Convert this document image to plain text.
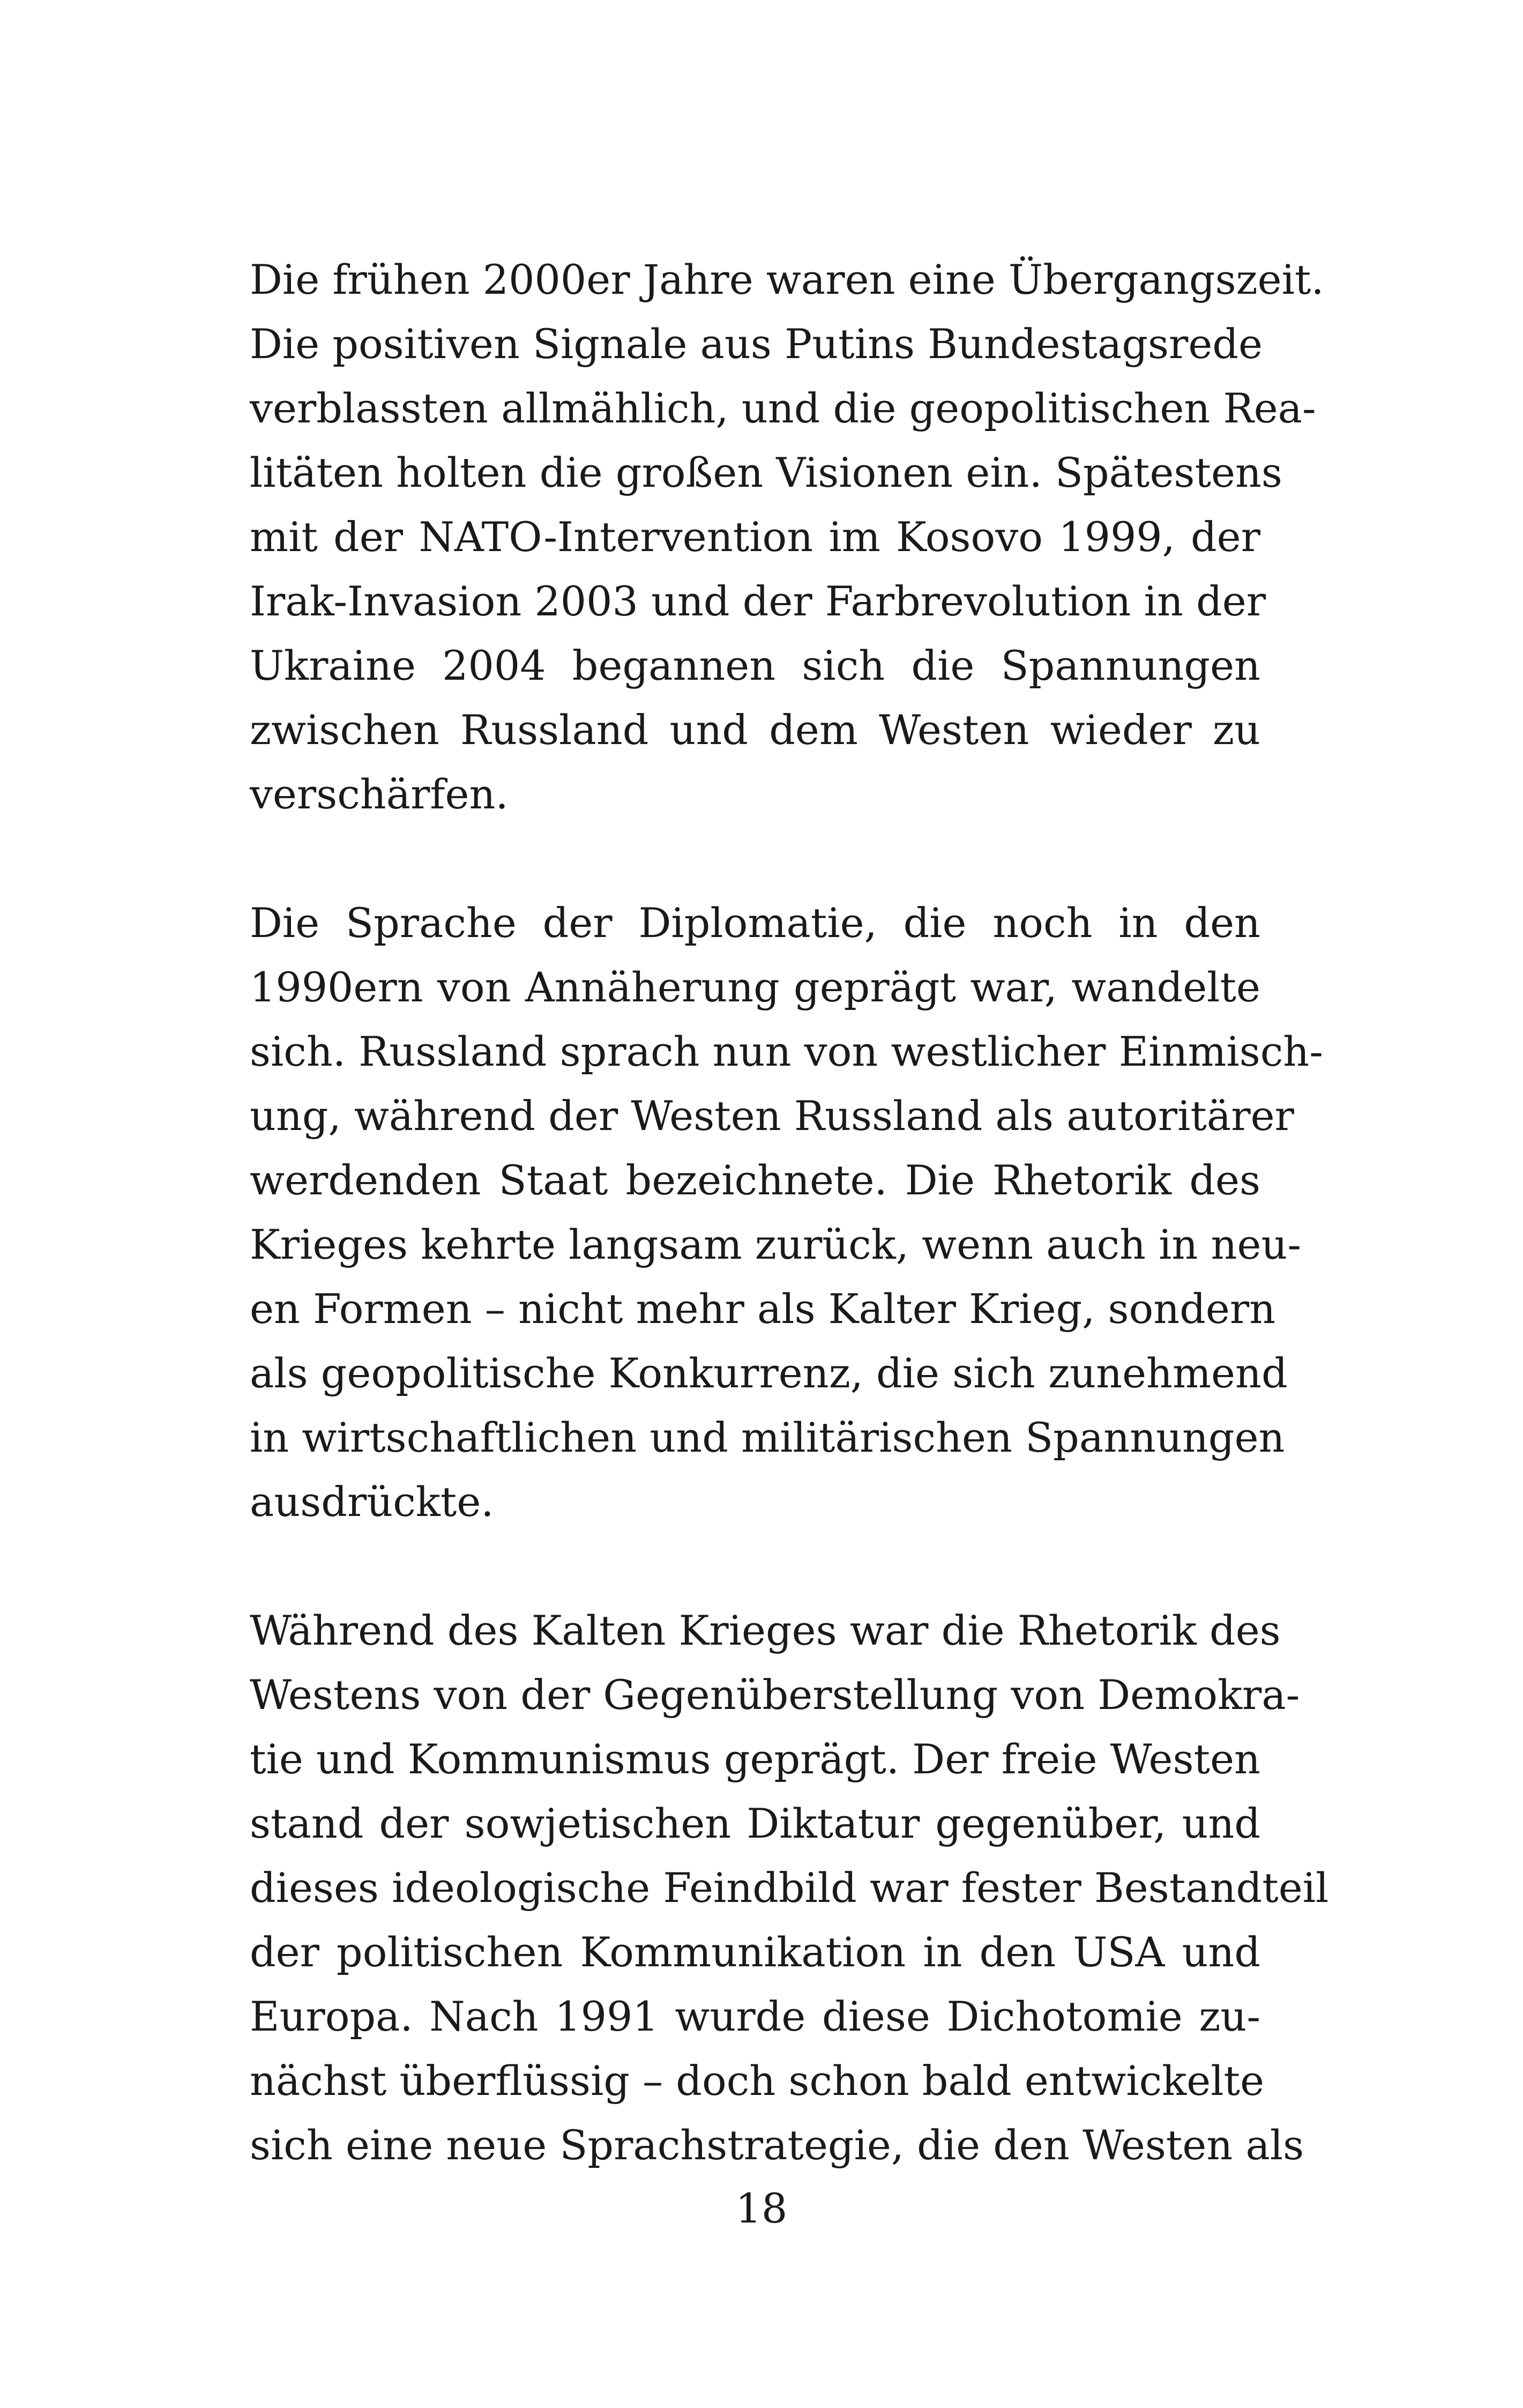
Die frühen 2000er Jahre waren eine Übergangszeit.
Die positiven Signale aus Putins Bundestagsrede
verblassten allmählich, und die geopolitischen Rea-
litäten holten die großen Visionen ein. Spätestens
mit der NATO-Intervention im Kosovo 1999, der
Irak-Invasion 2003 und der Farbrevolution in der
Ukraine 2004 begannen sich die Spannungen
zwischen Russland und dem Westen wieder zu
verschärfen.
Die Sprache der Diplomatie, die noch in den
1990ern von Annäherung geprägt war, wandelte
sich. Russland sprach nun von westlicher Einmisch-
ung, während der Westen Russland als autoritärer
werdenden Staat bezeichnete. Die Rhetorik des
Krieges kehrte langsam zurück, wenn auch in neu-
en Formen – nicht mehr als Kalter Krieg, sondern
als geopolitische Konkurrenz, die sich zunehmend
in wirtschaftlichen und militärischen Spannungen
ausdrückte.
Während des Kalten Krieges war die Rhetorik des
Westens von der Gegenüberstellung von Demokra-
tie und Kommunismus geprägt. Der freie Westen
stand der sowjetischen Diktatur gegenüber, und
dieses ideologische Feindbild war fester Bestandteil
der politischen Kommunikation in den USA und
Europa. Nach 1991 wurde diese Dichotomie zu-
nächst überflüssig – doch schon bald entwickelte
sich eine neue Sprachstrategie, die den Westen als
18
